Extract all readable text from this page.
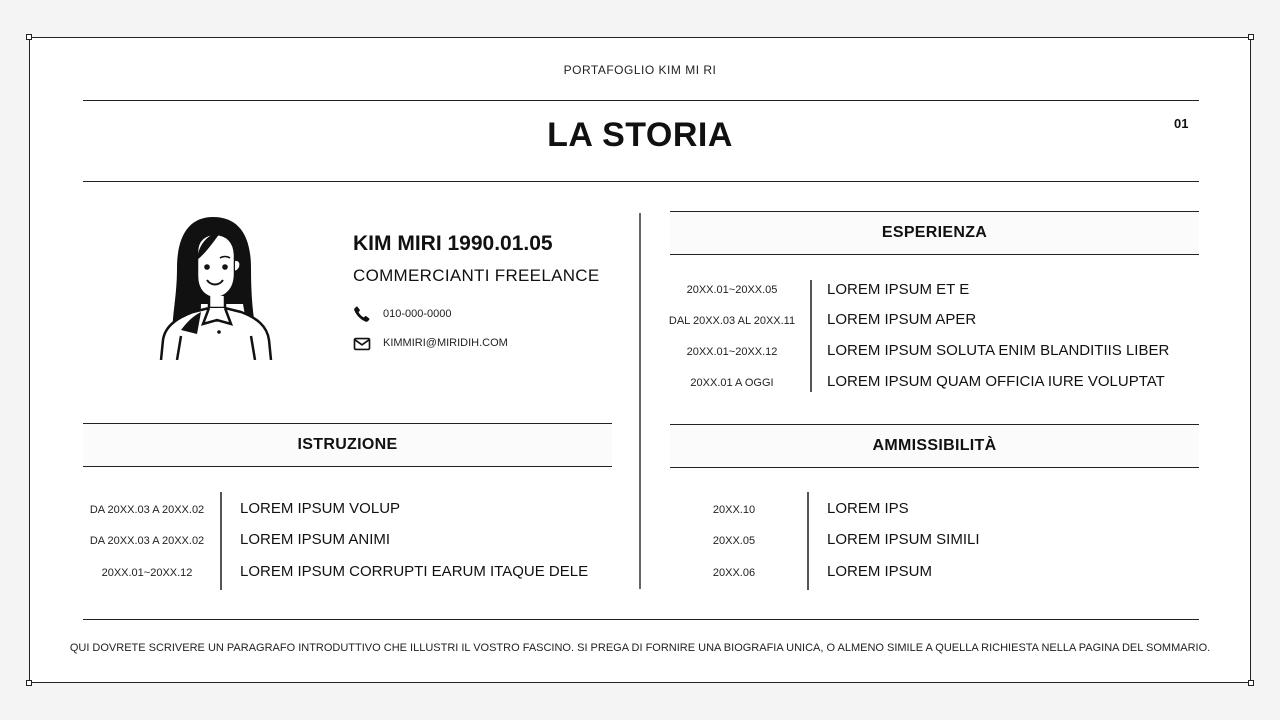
PORTAFOGLIO KIM MI RI
LA STORIA	01
KIM MIRI 1990.01.05
COMMERCIANTI FREELANCE
010-000-0000
KIMMIRI@MIRIDIH.COM
ESPERIENZA
20XX.01~20XX.05	LOREM IPSUM ET E
DAL 20XX.03 AL 20XX.11	LOREM IPSUM APER
20XX.01~20XX.12	LOREM IPSUM SOLUTA ENIM BLANDITIIS LIBER
20XX.01 A OGGI	LOREM IPSUM QUAM OFFICIA IURE VOLUPTAT
ISTRUZIONE
DA 20XX.03 A 20XX.02	LOREM IPSUM VOLUP
DA 20XX.03 A 20XX.02	LOREM IPSUM ANIMI
20XX.01~20XX.12	LOREM IPSUM CORRUPTI EARUM ITAQUE DELE
AMMISSIBILITÀ
20XX.10	LOREM IPS
20XX.05	LOREM IPSUM SIMILI
20XX.06	LOREM IPSUM
QUI DOVRETE SCRIVERE UN PARAGRAFO INTRODUTTIVO CHE ILLUSTRI IL VOSTRO FASCINO. SI PREGA DI FORNIRE UNA BIOGRAFIA UNICA, O ALMENO SIMILE A QUELLA RICHIESTA NELLA PAGINA DEL SOMMARIO.
